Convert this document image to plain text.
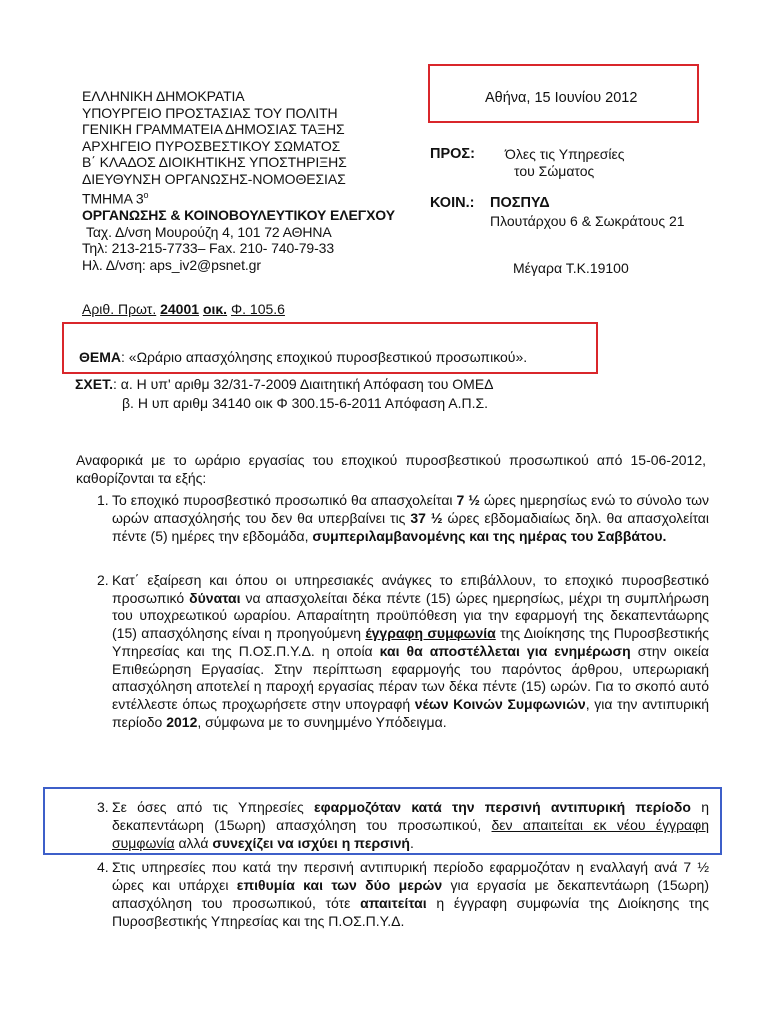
ΕΛΛΗΝΙΚΗ ΔΗΜΟΚΡΑΤΙΑ
ΥΠΟΥΡΓΕΙΟ ΠΡΟΣΤΑΣΙΑΣ ΤΟΥ ΠΟΛΙΤΗ
ΓΕΝΙΚΗ ΓΡΑΜΜΑΤΕΙΑ ΔΗΜΟΣΙΑΣ ΤΑΞΗΣ
ΑΡΧΗΓΕΙΟ ΠΥΡΟΣΒΕΣΤΙΚΟΥ ΣΩΜΑΤΟΣ
Β΄ ΚΛΑΔΟΣ ΔΙΟΙΚΗΤΙΚΗΣ ΥΠΟΣΤΗΡΙΞΗΣ
ΔΙΕΥΘΥΝΣΗ ΟΡΓΑΝΩΣΗΣ-ΝΟΜΟΘΕΣΙΑΣ
ΤΜΗΜΑ $3^o$
ΟΡΓΑΝΩΣΗΣ & ΚΟΙΝΟΒΟΥΛΕΥΤΙΚΟΥ ΕΛΕΓΧΟΥ
Ταχ. Δ/νση Μουρούζη 4, 101 72 ΑΘΗΝΑ
Τηλ: 213-215-7733– Fax. 210- 740-79-33
Ηλ. Δ/νση: aps_iv2@psnet.gr
Αθήνα, 15 Ιουνίου 2012
ΠΡΟΣ: Όλες τις Υπηρεσίες
του Σώματος
ΚΟΙΝ.: ΠΟΣΠΥΔ
Πλουτάρχου 6 & Σωκράτους 21
Μέγαρα Τ.Κ.19100
Αριθ. Πρωτ. 24001 οικ. Φ. 105.6
ΘΕΜΑ: «Ωράριο απασχόλησης εποχικού πυροσβεστικού προσωπικού».
ΣΧΕΤ.: α. Η υπ' αριθμ 32/31-7-2009 Διαιτητική Απόφαση του ΟΜΕΔ
β. Η υπ αριθμ 34140 οικ Φ 300.15-6-2011 Απόφαση Α.Π.Σ.
Αναφορικά με το ωράριο εργασίας του εποχικού πυροσβεστικού προσωπικού από 15-06-2012, καθορίζονται τα εξής:
1. Το εποχικό πυροσβεστικό προσωπικό θα απασχολείται 7 ½ ώρες ημερησίως ενώ το σύνολο των ωρών απασχόλησής του δεν θα υπερβαίνει τις 37 ½ ώρες εβδομαδιαίως δηλ. θα απασχολείται πέντε (5) ημέρες την εβδομάδα, συμπεριλαμβανομένης και της ημέρας του Σαββάτου.
2. Κατ΄ εξαίρεση και όπου οι υπηρεσιακές ανάγκες το επιβάλλουν, το εποχικό πυροσβεστικό προσωπικό δύναται να απασχολείται δέκα πέντε (15) ώρες ημερησίως, μέχρι τη συμπλήρωση του υποχρεωτικού ωραρίου. Απαραίτητη προϋπόθεση για την εφαρμογή της δεκαπεντάωρης (15) απασχόλησης είναι η προηγούμενη έγγραφη συμφωνία της Διοίκησης της Πυροσβεστικής Υπηρεσίας και της Π.ΟΣ.Π.Υ.Δ. η οποία και θα αποστέλλεται για ενημέρωση στην οικεία Επιθεώρηση Εργασίας. Στην περίπτωση εφαρμογής του παρόντος άρθρου, υπερωριακή απασχόληση αποτελεί η παροχή εργασίας πέραν των δέκα πέντε (15) ωρών. Για το σκοπό αυτό εντέλλεστε όπως προχωρήσετε στην υπογραφή νέων Κοινών Συμφωνιών, για την αντιπυρική περίοδο 2012, σύμφωνα με το συνημμένο Υπόδειγμα.
3. Σε όσες από τις Υπηρεσίες εφαρμοζόταν κατά την περσινή αντιπυρική περίοδο η δεκαπεντάωρη (15ωρη) απασχόληση του προσωπικού, δεν απαιτείται εκ νέου έγγραφη συμφωνία αλλά συνεχίζει να ισχύει η περσινή.
4. Στις υπηρεσίες που κατά την περσινή αντιπυρική περίοδο εφαρμοζόταν η εναλλαγή ανά 7 ½ ώρες και υπάρχει επιθυμία και των δύο μερών για εργασία με δεκαπεντάωρη (15ωρη) απασχόληση του προσωπικού, τότε απαιτείται η έγγραφη συμφωνία της Διοίκησης της Πυροσβεστικής Υπηρεσίας και της Π.ΟΣ.Π.Υ.Δ.
